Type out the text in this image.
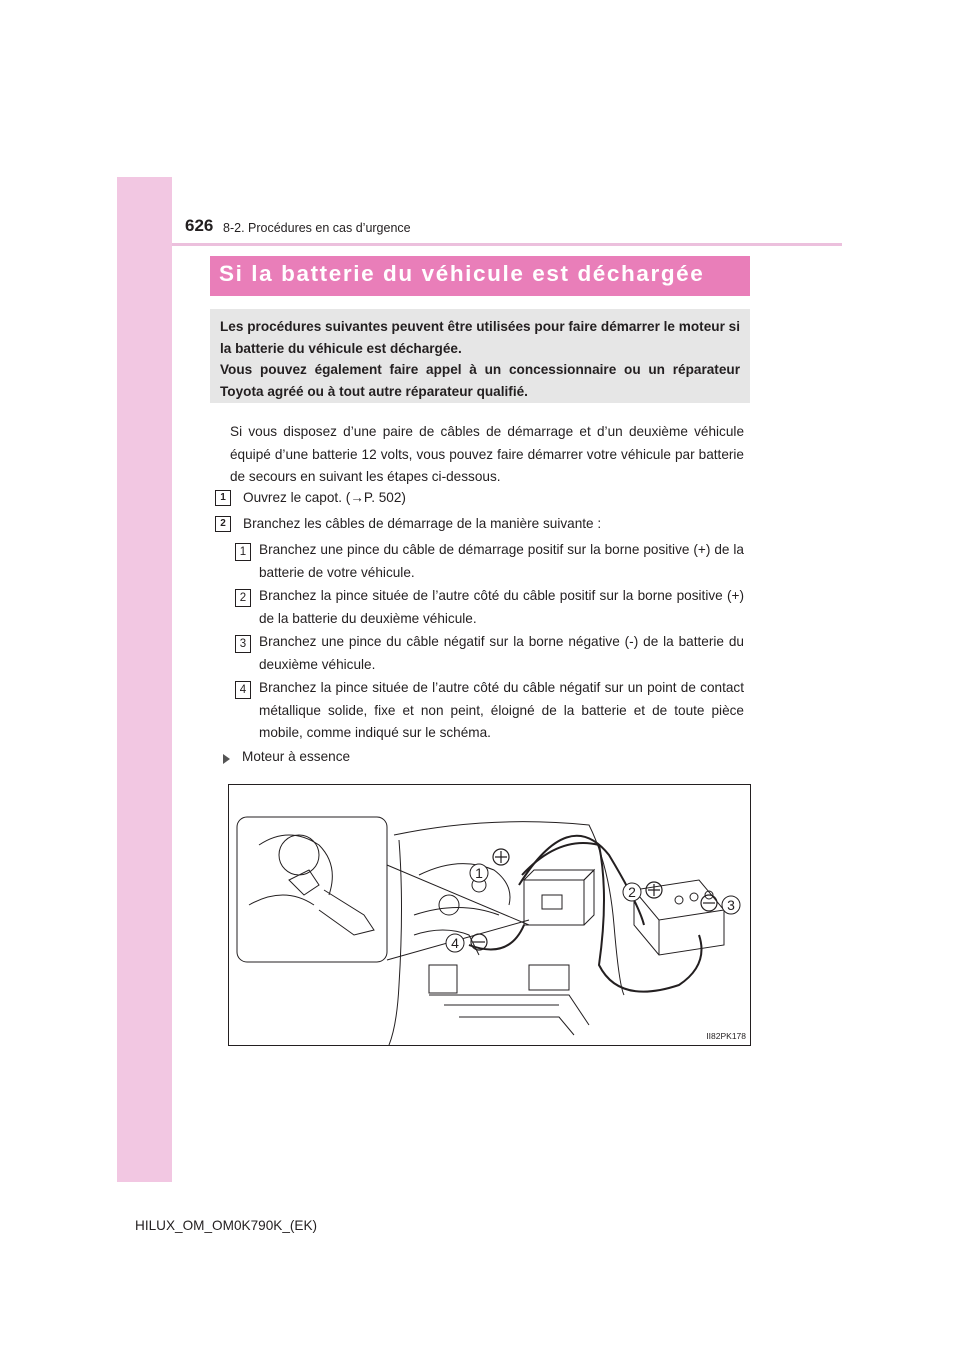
626 8-2. Procédures en cas d’urgence
Si la batterie du véhicule est déchargée

Les procédures suivantes peuvent être utilisées pour faire démarrer le moteur si la batterie du véhicule est déchargée.
Vous pouvez également faire appel à un concessionnaire ou un réparateur Toyota agréé ou à tout autre réparateur qualifié.

Si vous disposez d’une paire de câbles de démarrage et d’un deuxième véhicule équipé d’une batterie 12 volts, vous pouvez faire démarrer votre véhicule par batterie de secours en suivant les étapes ci-dessous.

1	Ouvrez le capot. (→P. 502)
2	Branchez les câbles de démarrage de la manière suivante :
1 Branchez une pince du câble de démarrage positif sur la borne positive (+) de la batterie de votre véhicule.

2 Branchez la pince située de l’autre côté du câble positif sur la borne positive (+) de la batterie du deuxième véhicule.

3 Branchez une pince du câble négatif sur la borne négative (-) de la batterie du deuxième véhicule.

4 Branchez la pince située de l’autre côté du câble négatif sur un point de contact métallique solide, fixe et non peint, éloigné de la batterie et de toute pièce mobile, comme indiqué sur le schéma.

Moteur à essence
1
2
3
4
II82PK178
HILUX_OM_OM0K790K_(EK)
